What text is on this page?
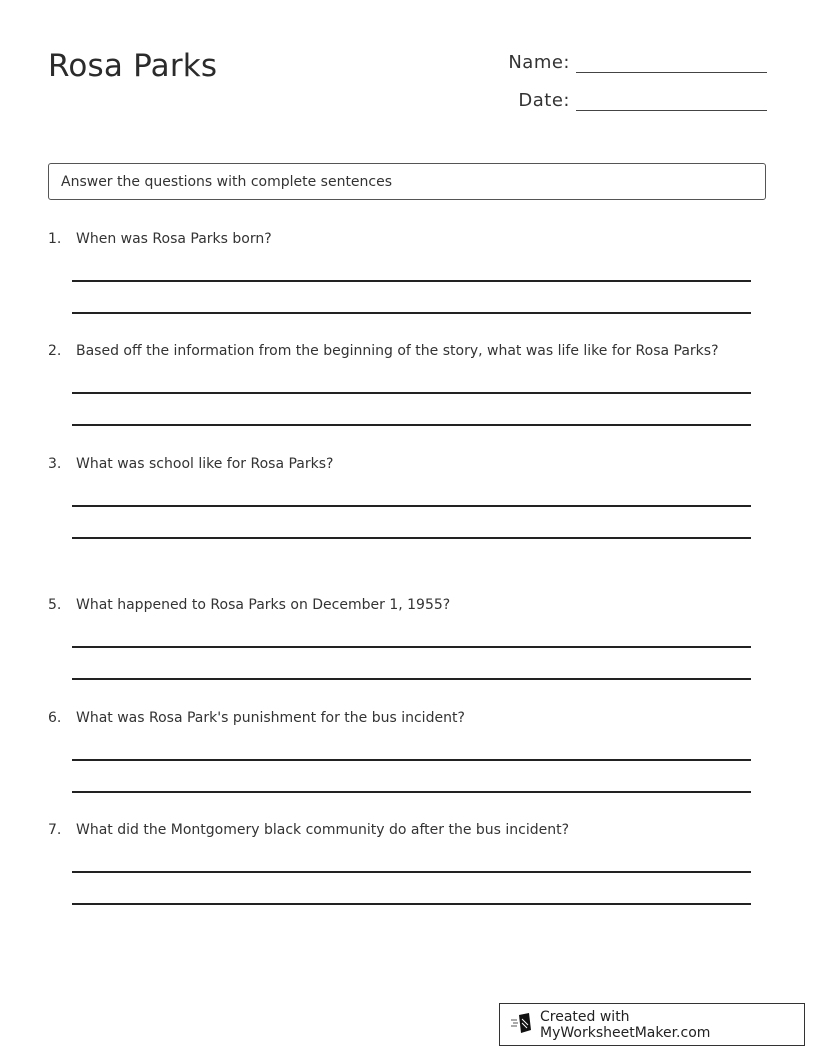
Rosa Parks	Name:
Date:
Answer the questions with complete sentences
1.	When was Rosa Parks born?
2.	Based off the information from the beginning of the story, what was life like for Rosa Parks?
3.	What was school like for Rosa Parks?
5.	What happened to Rosa Parks on December 1, 1955?
6.	What was Rosa Park's punishment for the bus incident?
7.	What did the Montgomery black community do after the bus incident?
Created with MyWorksheetMaker.com
